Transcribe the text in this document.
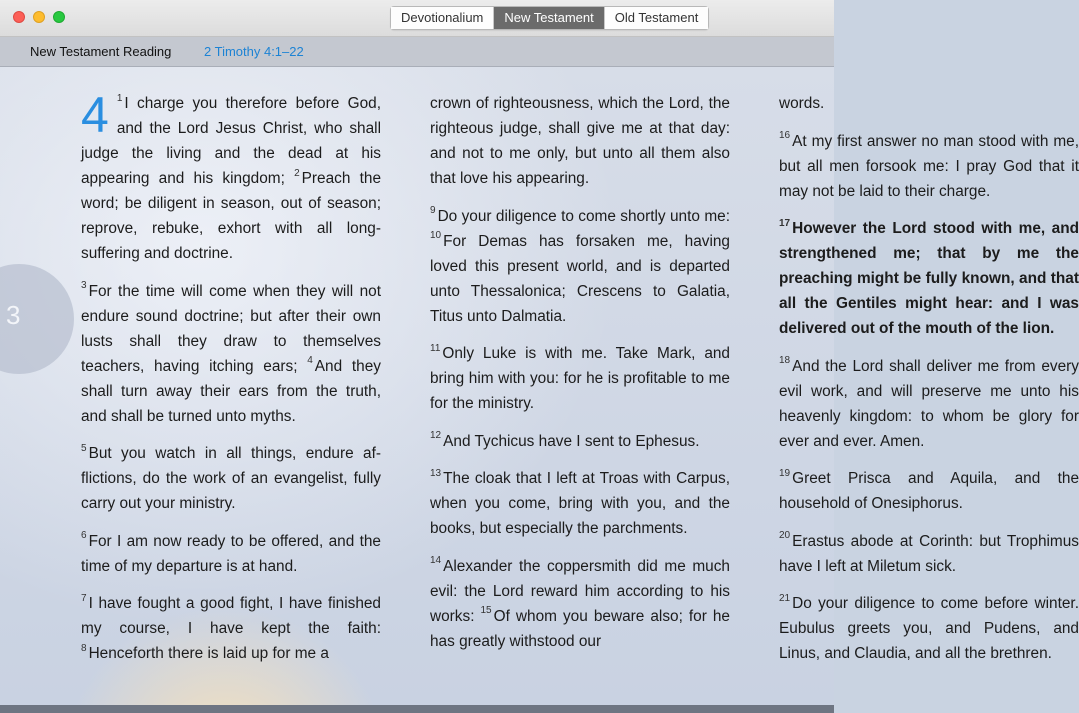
Devotionalium	New Testament	Old Testament
New Testament Reading	2 Timothy 4:1–22
3
4 $^1$ I charge you therefore before God, and the Lord Jesus Christ, who shall judge the living and the dead at his appearing and his kingdom; $^2$ Preach the word; be diligent in season, out of season; reprove, rebuke, exhort with all longsuffering and doctrine.

$^3$ For the time will come when they will not endure sound doctrine; but after their own lusts shall they draw to themselves teachers, having itching ears; $^4$ And they shall turn away their ears from the truth, and shall be turned unto myths.

$^5$ But you watch in all things, endure afflictions, do the work of an evangelist, fully carry out your ministry.

$^6$ For I am now ready to be offered, and the time of my departure is at hand.

$^7$ I have fought a good fight, I have finished my course, I have kept the faith: $^8$ Henceforth there is laid up for me a

crown of righteousness, which the Lord, the righteous judge, shall give me at that day: and not to me only, but unto all them also that love his appearing.

$^9$ Do your diligence to come shortly unto me: $^{10}$ For Demas has forsaken me, having loved this present world, and is departed unto Thessalonica; Crescens to Galatia, Titus unto Dalmatia.

$^{11}$ Only Luke is with me. Take Mark, and bring him with you: for he is profitable to me for the ministry.

$^{12}$ And Tychicus have I sent to Ephesus.

$^{13}$ The cloak that I left at Troas with Carpus, when you come, bring with you, and the books, but especially the parchments.

$^{14}$ Alexander the coppersmith did me much evil: the Lord reward him according to his works: $^{15}$ Of whom you beware also; for he has greatly withstood our

words.

$^{16}$ At my first answer no man stood with me, but all men forsook me: I pray God that it may not be laid to their charge.

$^{17}$ However the Lord stood with me, and strengthened me; that by me the preaching might be fully known, and that all the Gentiles might hear: and I was delivered out of the mouth of the lion.

$^{18}$ And the Lord shall deliver me from every evil work, and will preserve me unto his heavenly kingdom: to whom be glory for ever and ever. Amen.

$^{19}$ Greet Prisca and Aquila, and the household of Onesiphorus.

$^{20}$ Erastus abode at Corinth: but Trophimus have I left at Miletum sick.

$^{21}$ Do your diligence to come before winter. Eubulus greets you, and Pudens, and Linus, and Claudia, and all the brethren.
